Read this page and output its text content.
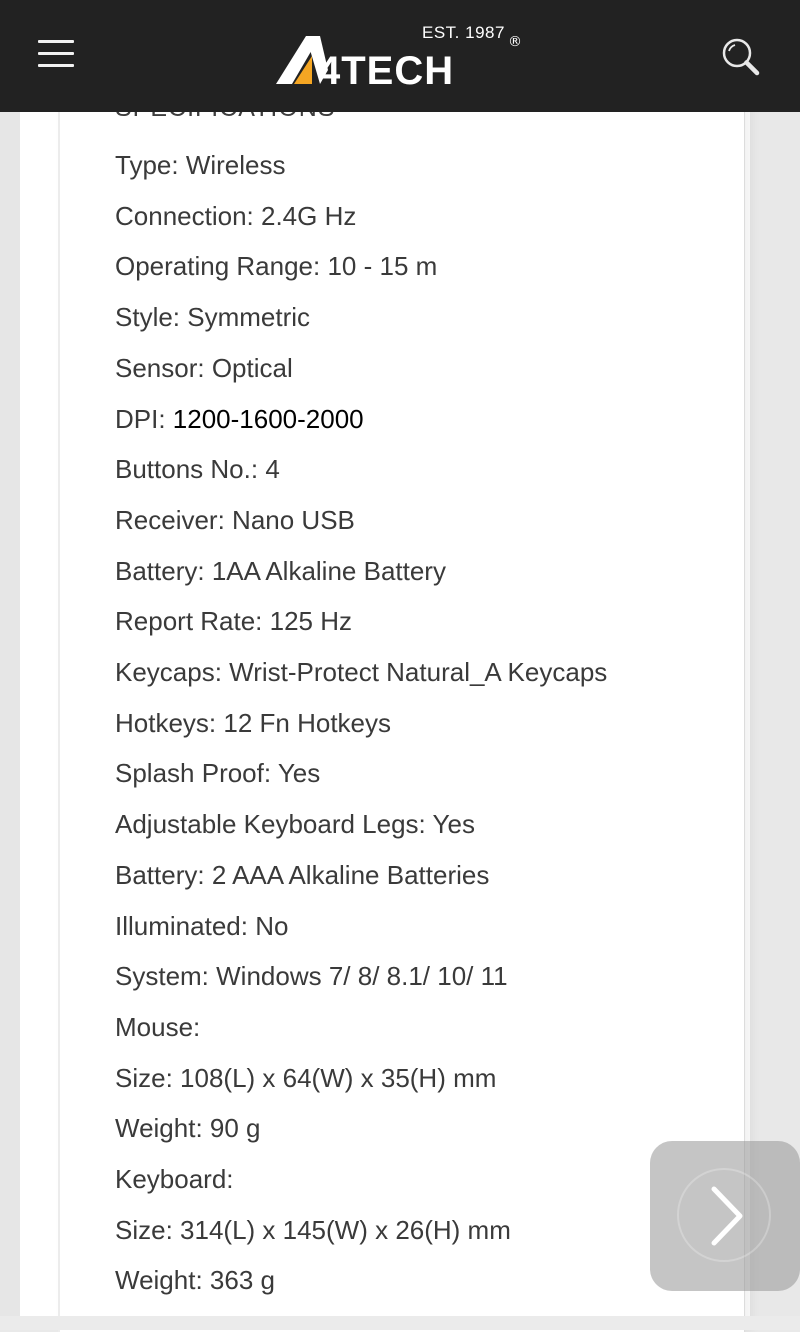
4TECH
EST. 1987 ®
Type: Wireless
Connection: 2.4G Hz
Operating Range: 10 - 15 m
Style: Symmetric
Sensor: Optical
DPI: 1200-1600-2000
Buttons No.: 4
Receiver: Nano USB
Battery: 1AA Alkaline Battery
Report Rate: 125 Hz
Keycaps: Wrist-Protect Natural_A Keycaps
Hotkeys: 12 Fn Hotkeys
Splash Proof: Yes
Adjustable Keyboard Legs: Yes
Battery: 2 AAA Alkaline Batteries
Illuminated: No
System: Windows 7/ 8/ 8.1/ 10/ 11
Mouse:
Size: 108(L) x 64(W) x 35(H) mm
Weight: 90 g
Keyboard:
Size: 314(L) x 145(W) x 26(H) mm
Weight: 363 g
